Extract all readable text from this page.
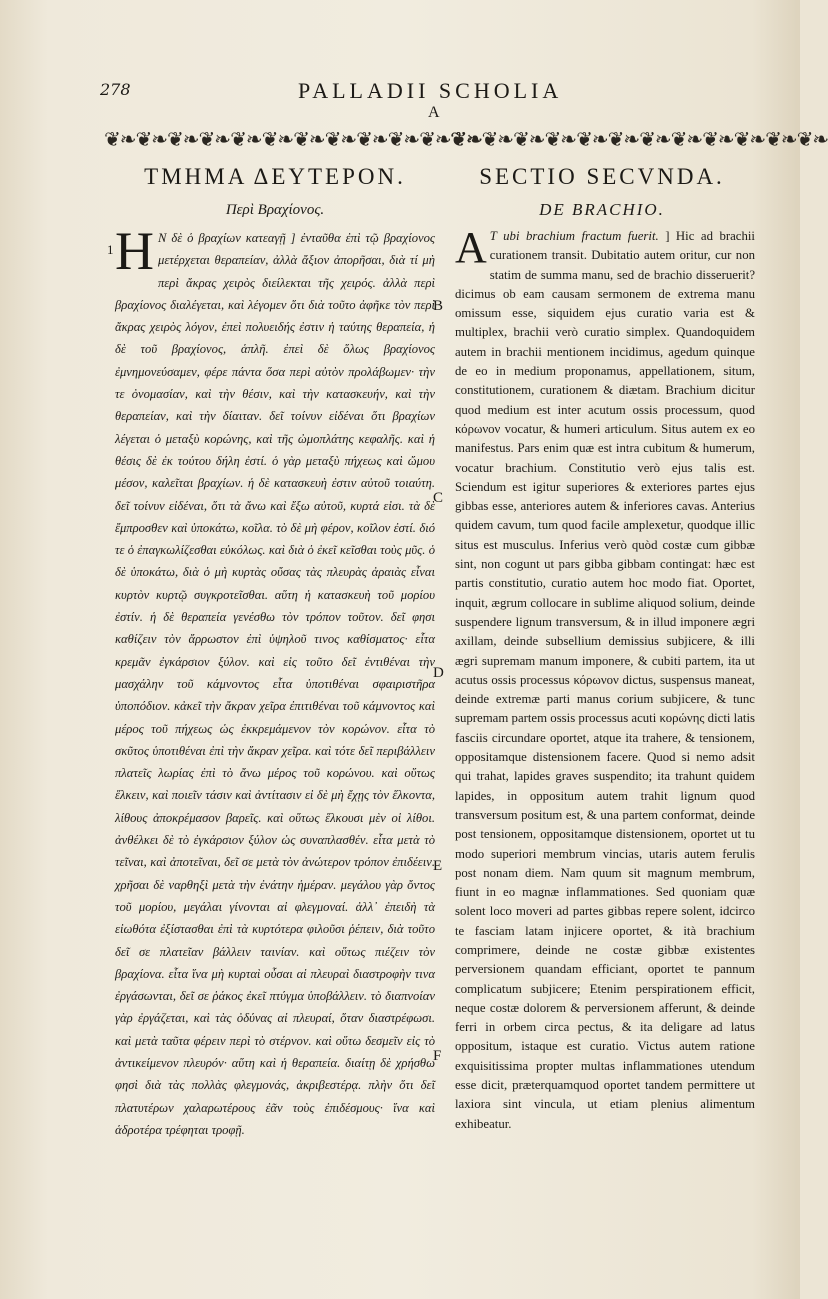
278	PALLADII SCHOLIA
A
❦❧❦❧❦❧❦❧❦❧❦❧❦❧❦❧❦❧❦❧❦❧❦❧
❦❧❦❧❦❧❦❧❦❧❦❧❦❧❦❧❦❧❦❧❦❧❦❧
ΤΜΗΜΑ ΔΕΥΤΕΡΟΝ.
Περὶ Βραχίονος.
SECTIO SECVNDA.
DE BRACHIO.
1 Η Ν δὲ ὁ βραχίων κατεαγῇ ] ἐνταῦθα ἐπὶ τῷ βραχίονος μετέρχεται θεραπείαν, ἀλλὰ ἄξιον ἀπορῆσαι, διὰ τί μὴ περὶ ἄκρας χειρὸς διείλεκται τῆς χειρός. ἀλλὰ περὶ βραχίονος διαλέγεται, καὶ λέγομεν ὅτι διὰ τοῦτο ἀφῆκε τὸν περὶ ἄκρας χειρὸς λόγον, ἐπεὶ πολυειδής ἐστιν ἡ ταύτης θεραπεία, ἡ δὲ τοῦ βραχίονος, ἁπλῆ. ἐπεὶ δὲ ὅλως βραχίονος ἐμνημονεύσαμεν, φέρε πάντα ὅσα περὶ αὐτὸν προλάβωμεν· τὴν τε ὀνομασίαν, καὶ τὴν θέσιν, καὶ τὴν κατασκευήν, καὶ τὴν θεραπείαν, καὶ τὴν δίαιταν. δεῖ τοίνυν εἰδέναι ὅτι βραχίων λέγεται ὁ μεταξὺ κορώνης, καὶ τῆς ὠμοπλάτης κεφαλῆς. καὶ ἡ θέσις δὲ ἐκ τούτου δήλη ἐστί. ὁ γὰρ μεταξὺ πήχεως καὶ ὤμου μέσον, καλεῖται βραχίων. ἡ δὲ κατασκευὴ ἐστιν αὐτοῦ τοιαύτη. δεῖ τοίνυν εἰδέναι, ὅτι τὰ ἄνω καὶ ἔξω αὐτοῦ, κυρτά εἰσι. τὰ δὲ ἔμπροσθεν καὶ ὑποκάτω, κοῖλα. τὸ δὲ μὴ φέρον, κοῖλον ἐστί. διό τε ὁ ἐπαγκωλίζεσθαι εὐκόλως. καὶ διὰ ὁ ἐκεῖ κεῖσθαι τοὺς μῦς. ὁ δὲ ὑποκάτω, διὰ ὁ μὴ κυρτὰς οὔσας τὰς πλευρὰς ἀραιὰς εἶναι κυρτὸν κυρτῷ συγκροτεῖσθαι. αὕτη ἡ κατασκευὴ τοῦ μορίου ἐστίν. ἡ δὲ θεραπεία γενέσθω τὸν τρόπον τοῦτον. δεῖ φησι καθίζειν τὸν ἄρρωστον ἐπὶ ὑψηλοῦ τινος καθίσματος· εἶτα κρεμᾶν ἐγκάρσιον ξύλον. καὶ εἰς τοῦτο δεῖ ἐντιθέναι τὴν μασχάλην τοῦ κάμνοντος εἶτα ὑποτιθέναι σφαιριστῆρα ὑποπόδιον. κἀκεῖ τὴν ἄκραν χεῖρα ἐπιτιθέναι τοῦ κάμνοντος καὶ μέρος τοῦ πήχεως ὡς ἐκκρεμάμενον τὸν κορώνον. εἶτα τὸ σκῦτος ὑποτιθέναι ἐπὶ τὴν ἄκραν χεῖρα. καὶ τότε δεῖ περιβάλλειν πλατεῖς λωρίας ἐπὶ τὸ ἄνω μέρος τοῦ κορώνου. καὶ οὕτως ἕλκειν, καὶ ποιεῖν τάσιν καὶ ἀντίτασιν εἰ δὲ μὴ ἔχῃς τὸν ἕλκοντα, λίθους ἀποκρέμασον βαρεῖς. καὶ οὕτως ἕλκουσι μὲν οἱ λίθοι. ἀνθέλκει δὲ τὸ ἐγκάρσιον ξύλον ὡς συναπλασθέν. εἶτα μετὰ τὸ τεῖναι, καὶ ἀποτεῖναι, δεῖ σε μετὰ τὸν ἀνώτερον τρόπον ἐπιδέειν. χρῆσαι δὲ ναρθηξὶ μετὰ τὴν ἐνάτην ἡμέραν. μεγάλου γὰρ ὄντος τοῦ μορίου, μεγάλαι γίνονται αἱ φλεγμοναί. ἀλλ᾽ ἐπειδὴ τὰ εἰωθότα ἐξίστασθαι ἐπὶ τὰ κυρτότερα φιλοῦσι ῥέπειν, διὰ τοῦτο δεῖ σε πλατεῖαν βάλλειν ταινίαν. καὶ οὕτως πιέζειν τὸν βραχίονα. εἶτα ἵνα μὴ κυρταὶ οὖσαι αἱ πλευραὶ διαστροφὴν τινα ἐργάσωνται, δεῖ σε ῥάκος ἐκεῖ πτύγμα ὑποβάλλειν. τὸ διαπνοίαν γὰρ ἐργάζεται, καὶ τὰς ὀδύνας αἱ πλευραί, ὅταν διαστρέφωσι. καὶ μετὰ ταῦτα φέρειν περὶ τὸ στέρνον. καὶ οὕτω δεσμεῖν εἰς τὸ ἀντικείμενον πλευρόν· αὕτη καὶ ἡ θεραπεία. διαίτῃ δὲ χρήσθω φησὶ διὰ τὰς πολλὰς φλεγμονάς, ἀκριβεστέρᾳ. πλὴν ὅτι δεῖ πλατυτέρων χαλαρωτέρους ἐᾶν τοὺς ἐπιδέσμους· ἵνα καὶ ἁδροτέρα τρέφηται τροφῇ.
A T ubi brachium fractum fuerit. ] Hic ad brachii curationem transit. Dubitatio autem oritur, cur non statim de summa manu, sed de brachio disseruerit? dicimus ob eam causam sermonem de extrema manu omissum esse, siquidem ejus curatio varia est & multiplex, brachii verò curatio simplex. Quandoquidem autem in brachii mentionem incidimus, agedum quinque de eo in medium proponamus, appellationem, situm, constitutionem, curationem & diætam. Brachium dicitur quod medium est inter acutum ossis processum, quod κόρωνον vocatur, & humeri articulum. Situs autem ex eo manifestus. Pars enim quæ est intra cubitum & humerum, vocatur brachium. Constitutio verò ejus talis est. Sciendum est igitur superiores & exteriores partes ejus gibbas esse, anteriores autem & inferiores cavas. Anterius quidem cavum, tum quod facile amplexetur, quodque illic situs est musculus. Inferius verò quòd costæ cum gibbæ sint, non cogunt ut pars gibba gibbam contingat: hæc est partis constitutio, curatio autem hoc modo fiat. Oportet, inquit, ægrum collocare in sublime aliquod solium, deinde suspendere lignum transversum, & in illud imponere ægri axillam, deinde subsellium demissius subjicere, & illi ægri supremam manum imponere, & cubiti partem, ita ut acutus ossis processus κόρωνον dictus, suspensus maneat, deinde extremæ parti manus corium subjicere, & tunc supremam partem ossis processus acuti κορώνης dicti latis fasciis circundare oportet, atque ita trahere, & tensionem, oppositamque distensionem facere. Quod si nemo adsit qui trahat, lapides graves suspendito; ita trahunt quidem lapides, in oppositum autem trahit lignum quod transversum positum est, & una partem conformat, deinde post tensionem, oppositamque distensionem, oportet ut tu modo superiori membrum vincias, utaris autem ferulis post nonam diem. Nam quum sit magnum membrum, fiunt in eo magnæ inflammationes. Sed quoniam quæ solent loco moveri ad partes gibbas repere solent, idcirco te fasciam latam injicere oportet, & ità brachium comprimere, deinde ne costæ gibbæ existentes perversionem quandam efficiant, oportet te pannum complicatum subjicere; Etenim perspirationem efficit, neque costæ dolorem & perversionem afferunt, & deinde ferri in orbem circa pectus, & ita deligare ad latus oppositum, istaque est curatio. Victus autem ratione exquisitissima propter multas inflammationes utendum esse dicit, præterquamquod oportet tandem permittere ut laxiora sint vincula, ut etiam plenius alimentum exhibeatur.
B
C
D
E
F
